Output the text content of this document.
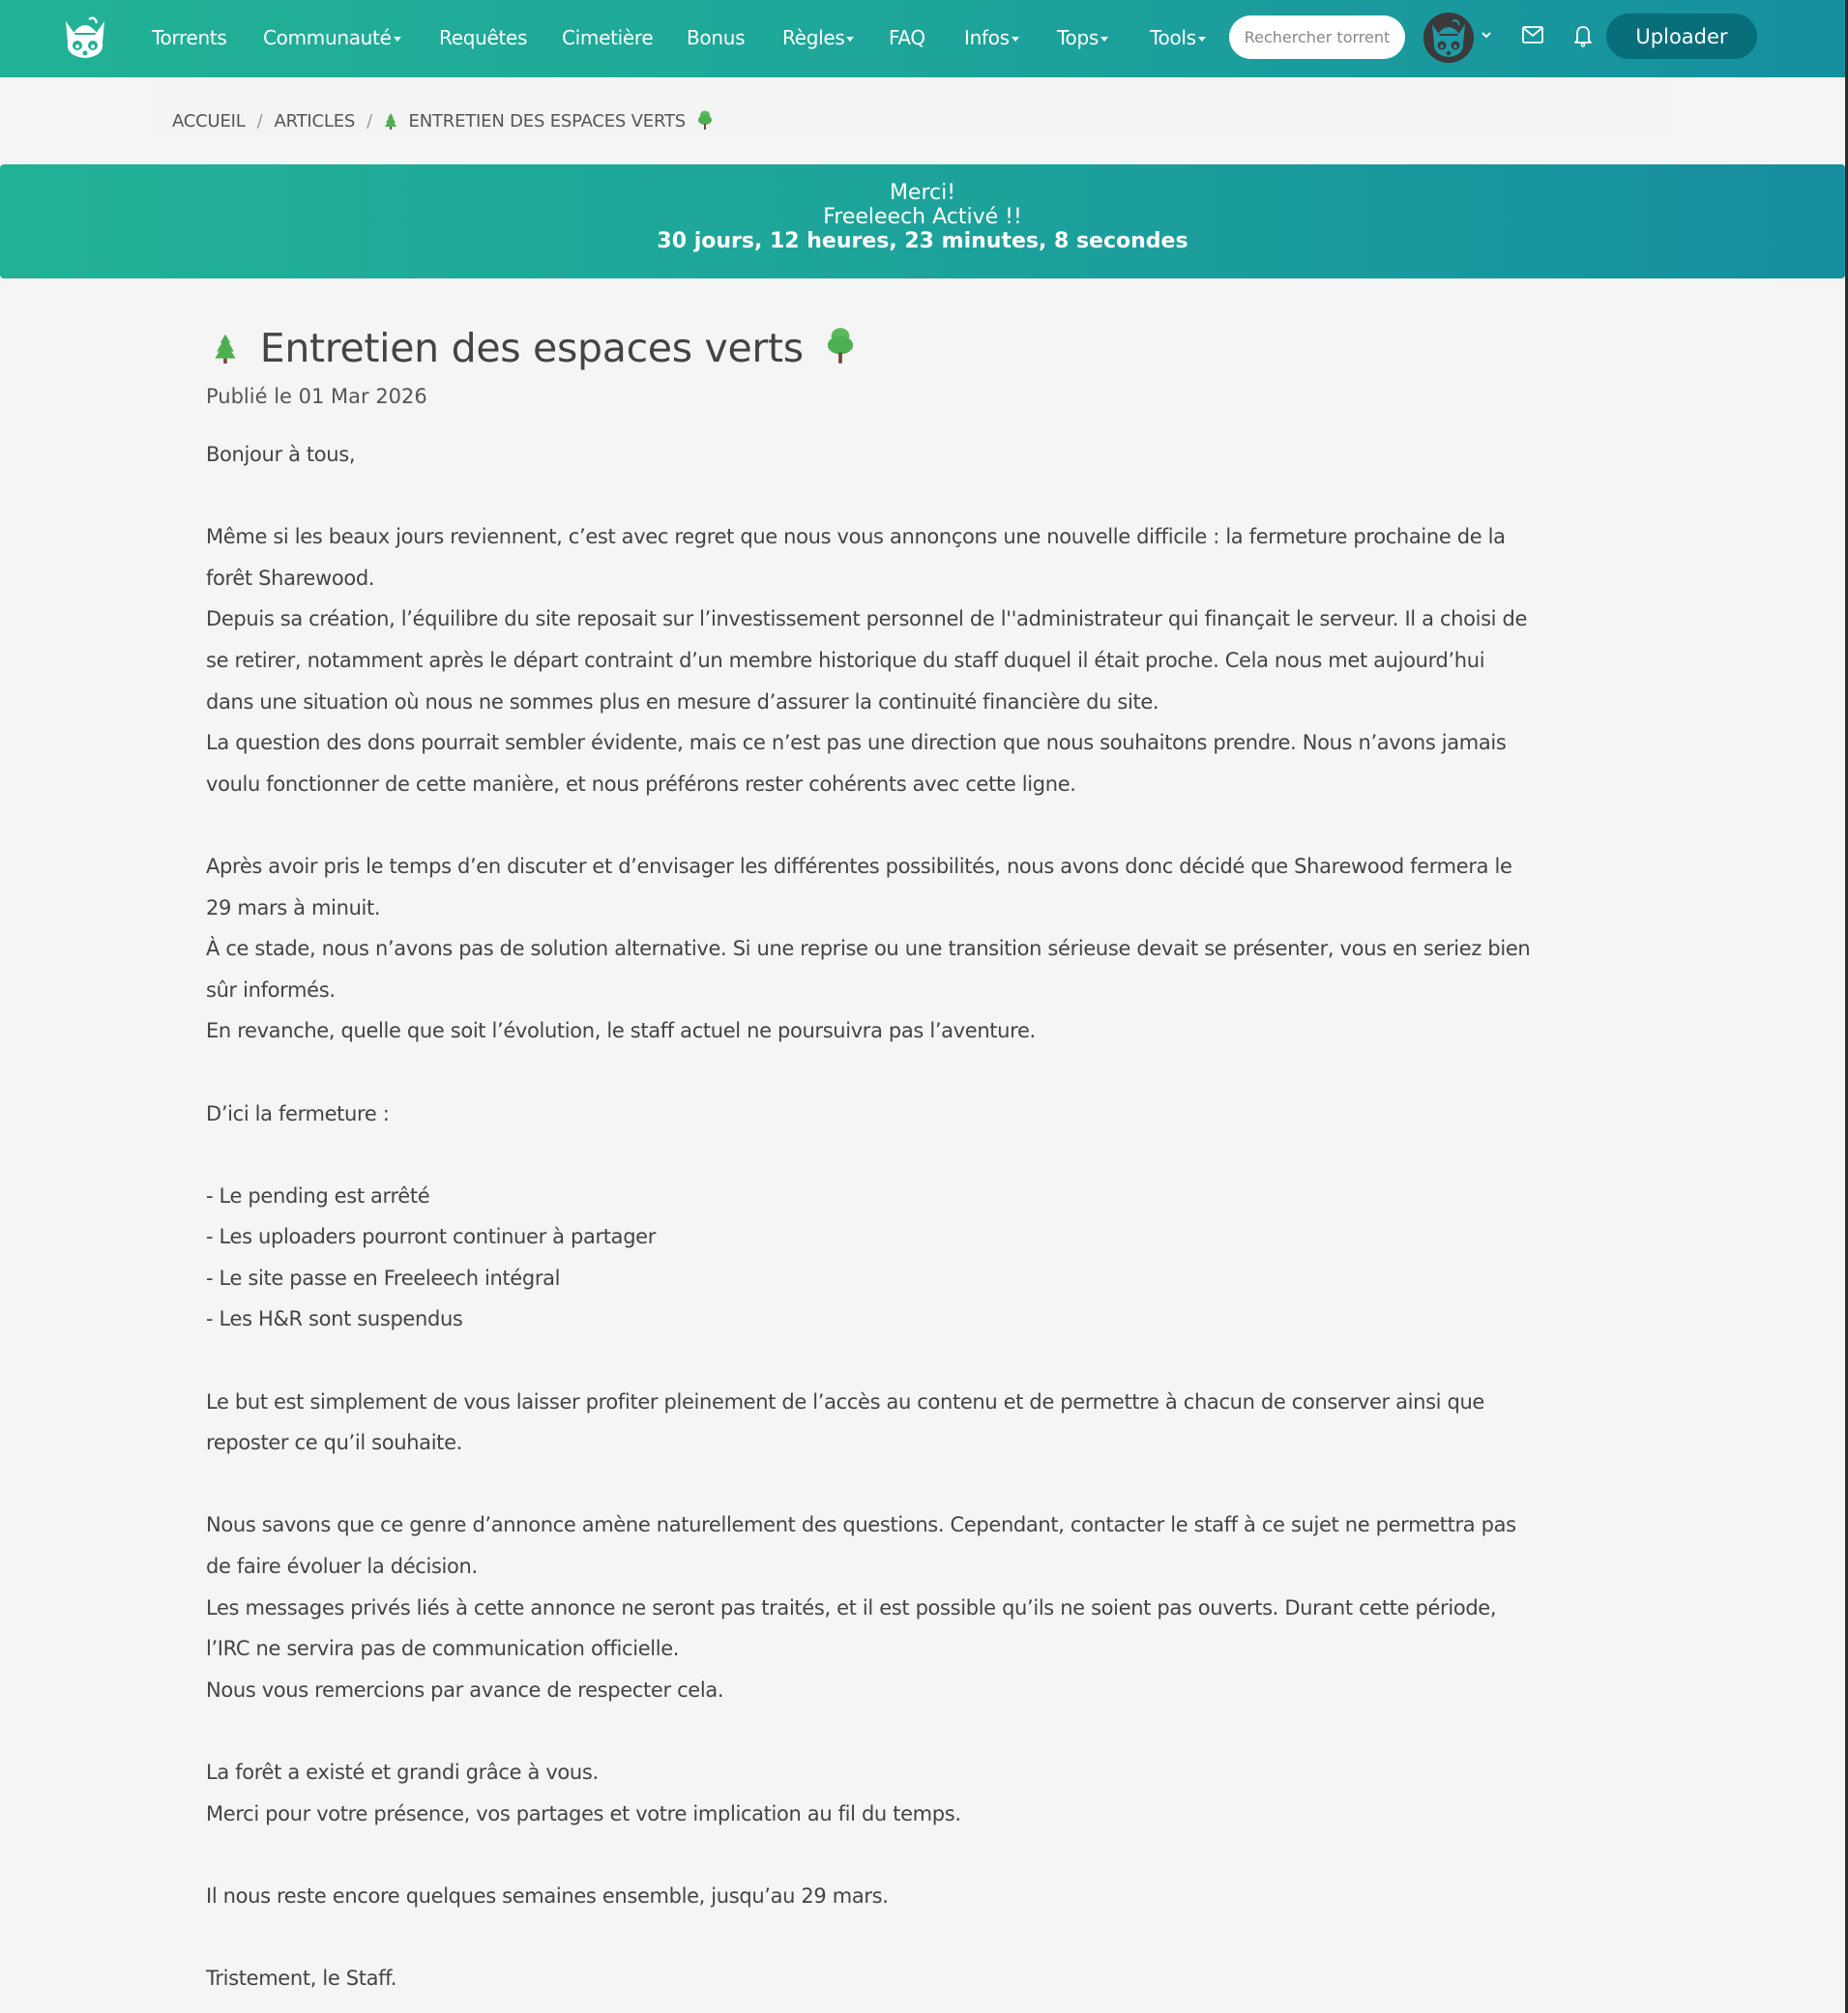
Torrents Communauté	Requêtes Cimetière Bonus Règles	FAQ Infos	Tops	Tools
Rechercher torrent	Uploader
ACCUEIL / ARTICLES / ENTRETIEN DES ESPACES VERTS
Merci!
Freeleech Activé !!
30 jours, 12 heures, 23 minutes, 8 secondes
Entretien des espaces verts
Publié le 01 Mar 2026

Bonjour à tous,

Même si les beaux jours reviennent, c’est avec regret que nous vous annonçons une nouvelle difficile : la fermeture prochaine de la

forêt Sharewood.

Depuis sa création, l’équilibre du site reposait sur l’investissement personnel de l''administrateur qui finançait le serveur. Il a choisi de

se retirer, notamment après le départ contraint d’un membre historique du staff duquel il était proche. Cela nous met aujourd’hui

dans une situation où nous ne sommes plus en mesure d’assurer la continuité financière du site.

La question des dons pourrait sembler évidente, mais ce n’est pas une direction que nous souhaitons prendre. Nous n’avons jamais

voulu fonctionner de cette manière, et nous préférons rester cohérents avec cette ligne.

Après avoir pris le temps d’en discuter et d’envisager les différentes possibilités, nous avons donc décidé que Sharewood fermera le

29 mars à minuit.

À ce stade, nous n’avons pas de solution alternative. Si une reprise ou une transition sérieuse devait se présenter, vous en seriez bien

sûr informés.

En revanche, quelle que soit l’évolution, le staff actuel ne poursuivra pas l’aventure.

D’ici la fermeture :

- Le pending est arrêté

- Les uploaders pourront continuer à partager

- Le site passe en Freeleech intégral

- Les H&R sont suspendus

Le but est simplement de vous laisser profiter pleinement de l’accès au contenu et de permettre à chacun de conserver ainsi que

reposter ce qu’il souhaite.

Nous savons que ce genre d’annonce amène naturellement des questions. Cependant, contacter le staff à ce sujet ne permettra pas

de faire évoluer la décision.

Les messages privés liés à cette annonce ne seront pas traités, et il est possible qu’ils ne soient pas ouverts. Durant cette période,

l’IRC ne servira pas de communication officielle.

Nous vous remercions par avance de respecter cela.

La forêt a existé et grandi grâce à vous.

Merci pour votre présence, vos partages et votre implication au fil du temps.

Il nous reste encore quelques semaines ensemble, jusqu’au 29 mars.

Tristement, le Staff.
